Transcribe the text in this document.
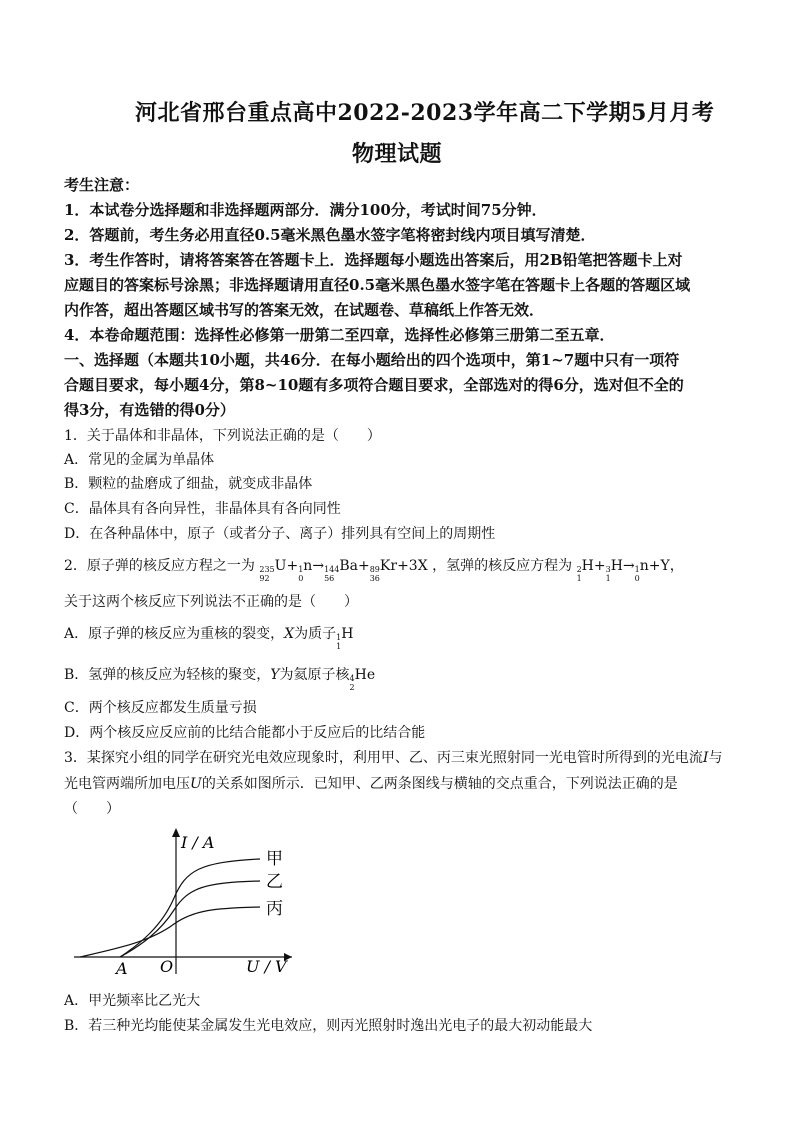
河北省邢台重点高中2022-2023学年高二下学期5月月考
物理试题
考生注意：
1．本试卷分选择题和非选择题两部分．满分100分，考试时间75分钟．
2．答题前，考生务必用直径0.5毫米黑色墨水签字笔将密封线内项目填写清楚．
3．考生作答时，请将答案答在答题卡上．选择题每小题选出答案后，用2B铅笔把答题卡上对
应题目的答案标号涂黑；非选择题请用直径0.5毫米黑色墨水签字笔在答题卡上各题的答题区域
内作答，超出答题区域书写的答案无效，在试题卷、草稿纸上作答无效．
4．本卷命题范围：选择性必修第一册第二至四章，选择性必修第三册第二至五章．
一、选择题（本题共10小题，共46分．在每小题给出的四个选项中，第1~7题中只有一项符
合题目要求，每小题4分，第8~10题有多项符合题目要求，全部选对的得6分，选对但不全的
得3分，有选错的得0分）
1．关于晶体和非晶体，下列说法正确的是（　　）
A．常见的金属为单晶体
B．颗粒的盐磨成了细盐，就变成非晶体
C．晶体具有各向异性，非晶体具有各向同性
D．在各种晶体中，原子（或者分子、离子）排列具有空间上的周期性
2．原子弹的核反应方程之一为 235
92
U+ 1
0
n→ 144
56
Ba+ 89
36
Kr+3X ，氢弹的核反应方程为 2
1
H+ 3
1
H→ 1
0
n+Y，
关于这两个核反应下列说法不正确的是（　　）
A．原子弹的核反应为重核的裂变，X为质子 1
1
H
B．氢弹的核反应为轻核的聚变，Y为氦原子核 4
2
He
C．两个核反应都发生质量亏损
D．两个核反应反应前的比结合能都小于反应后的比结合能
3．某探究小组的同学在研究光电效应现象时，利用甲、乙、丙三束光照射同一光电管时所得到的光电流I与
光电管两端所加电压U的关系如图所示．已知甲、乙两条图线与横轴的交点重合，下列说法正确的是
（　　）
I / A
U / V
O
A
甲
乙
丙
A．甲光频率比乙光大
B．若三种光均能使某金属发生光电效应，则丙光照射时逸出光电子的最大初动能最大
